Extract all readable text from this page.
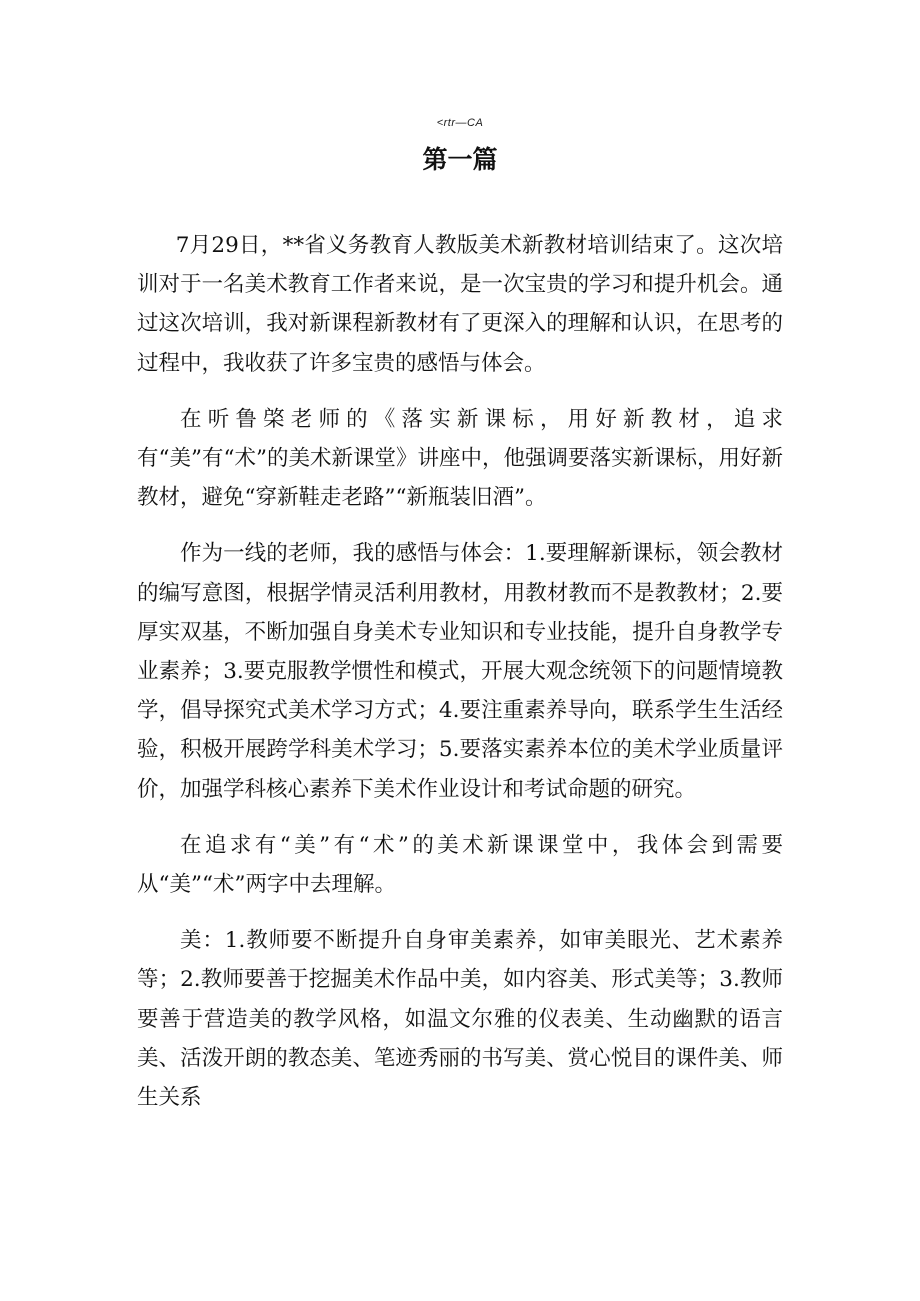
<rtr—CA
第一篇

7月29日，**省义务教育人教版美术新教材培训结束了。这次培训对于一名美术教育工作者来说，是一次宝贵的学习和提升机会。通过这次培训，我对新课程新教材有了更深入的理解和认识，在思考的过程中，我收获了许多宝贵的感悟与体会。

在听鲁棨老师的《落实新课标，用好新教材，追求有“美”有“术”的美术新课堂》讲座中，他强调要落实新课标，用好新教材，避免“穿新鞋走老路”“新瓶装旧酒”。

作为一线的老师，我的感悟与体会：1.要理解新课标，领会教材的编写意图，根据学情灵活利用教材，用教材教而不是教教材；2.要厚实双基，不断加强自身美术专业知识和专业技能，提升自身教学专业素养；3.要克服教学惯性和模式，开展大观念统领下的问题情境教学，倡导探究式美术学习方式；4.要注重素养导向，联系学生生活经验，积极开展跨学科美术学习；5.要落实素养本位的美术学业质量评价，加强学科核心素养下美术作业设计和考试命题的研究。

在追求有“美”有“术”的美术新课课堂中，我体会到需要从“美”“术”两字中去理解。

美：1.教师要不断提升自身审美素养，如审美眼光、艺术素养等；2.教师要善于挖掘美术作品中美，如内容美、形式美等；3.教师要善于营造美的教学风格，如温文尔雅的仪表美、生动幽默的语言美、活泼开朗的教态美、笔迹秀丽的书写美、赏心悦目的课件美、师生关系
